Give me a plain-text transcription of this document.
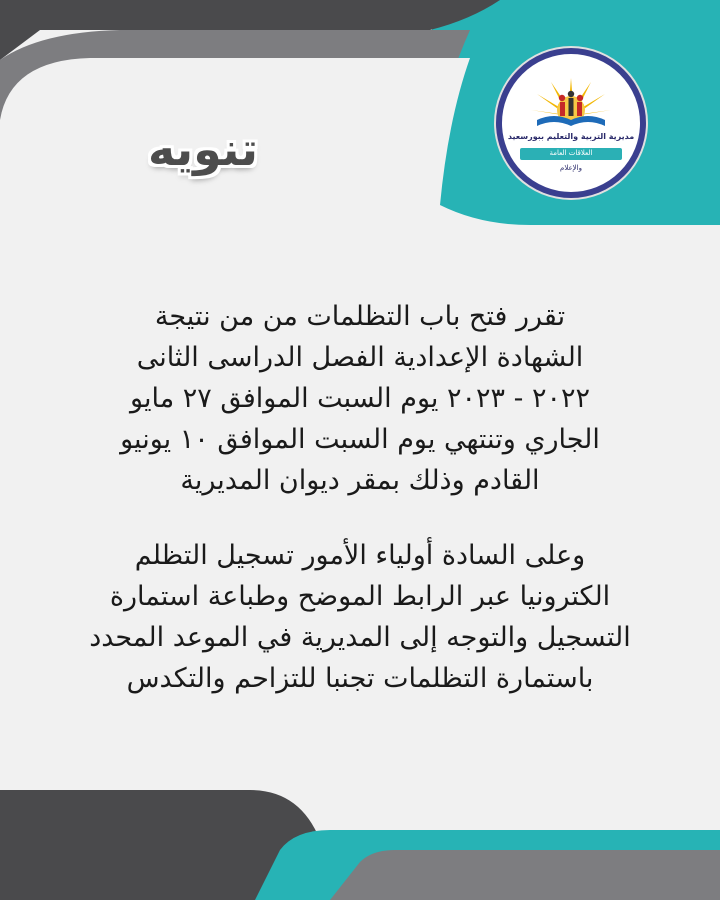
مديرية التربية والتعليم ببورسعيد
العلاقات العامة
والإعلام
تنويه

تقرر فتح باب التظلمات من من نتيجة
الشهادة الإعدادية الفصل الدراسى الثانى
٢٠٢٢ - ٢٠٢٣ يوم السبت الموافق ٢٧ مايو
الجاري وتنتهي يوم السبت الموافق ١٠ يونيو
القادم وذلك بمقر ديوان المديرية

وعلى السادة أولياء الأمور تسجيل التظلم
الكترونيا عبر الرابط الموضح وطباعة استمارة
التسجيل والتوجه إلى المديرية في الموعد المحدد
باستمارة التظلمات تجنبا للتزاحم والتكدس
